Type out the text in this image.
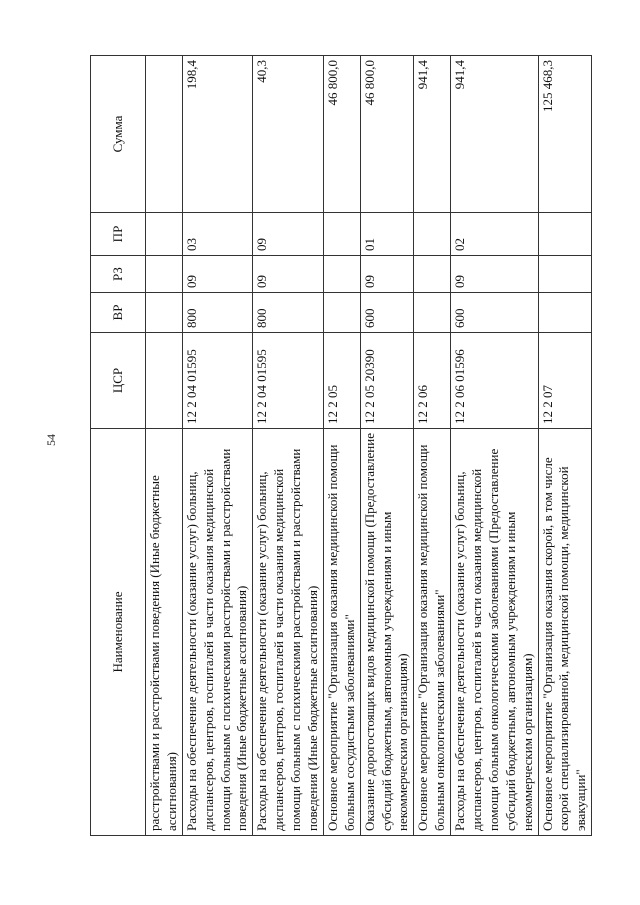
54
Наименование	ЦСР	ВР	РЗ	ПР	Сумма
расстройствами и расстройствами поведения (Иные бюджетные ассигнования)					
Расходы на обеспечение деятельности (оказание услуг) больниц, диспансеров, центров, госпиталей в части оказания медицинской помощи больным с психическими расстройствами и расстройствами поведения (Иные бюджетные ассигнования)	12 2 04 01595	800	09	03	198,4
Расходы на обеспечение деятельности (оказание услуг) больниц, диспансеров, центров, госпиталей в части оказания медицинской помощи больным с психическими расстройствами и расстройствами поведения (Иные бюджетные ассигнования)	12 2 04 01595	800	09	09	40,3
Основное мероприятие "Организация оказания медицинской помощи больным сосудистыми заболеваниями"	12 2 05				46 800,0
Оказание дорогостоящих видов медицинской помощи (Предоставление субсидий бюджетным, автономным учреждениям и иным некоммерческим организациям)	12 2 05 20390	600	09	01	46 800,0
Основное мероприятие "Организация оказания медицинской помощи больным онкологическими заболеваниями"	12 2 06				941,4
Расходы на обеспечение деятельности (оказание услуг) больниц, диспансеров, центров, госпиталей в части оказания медицинской помощи больным онкологическими заболеваниями (Предоставление субсидий бюджетным, автономным учреждениям и иным некоммерческим организациям)	12 2 06 01596	600	09	02	941,4
Основное мероприятие "Организация оказания скорой, в том числе скорой специализированной, медицинской помощи, медицинской эвакуации"	12 2 07				125 468,3
